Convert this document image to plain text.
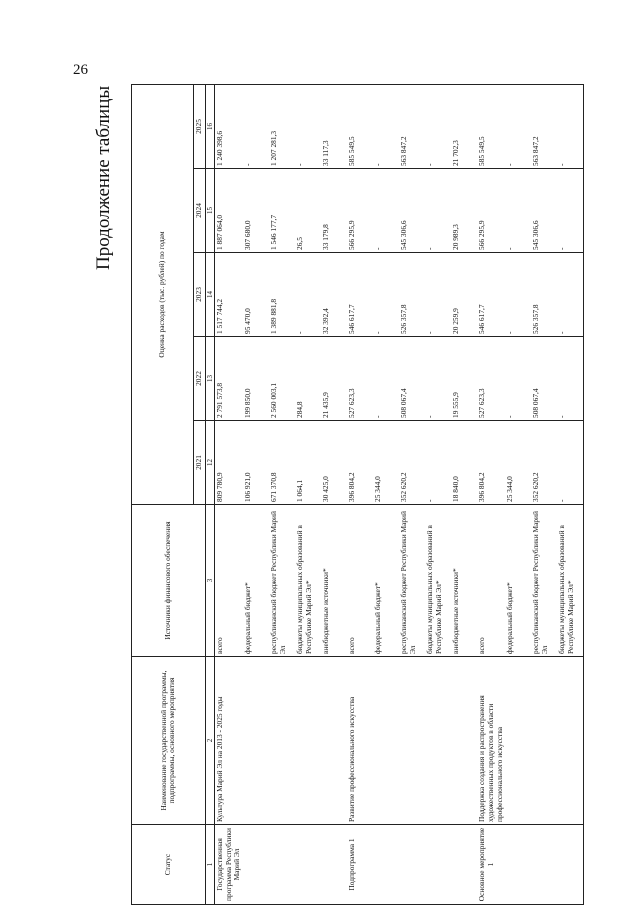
26
Продолжение таблицы
Статус	Наименование государственной программы, подпрограммы, основного мероприятия	Источники финансового обеспечения	Оценка расходов (тыс. рублей) по годам				
			2021	2022	2023	2024	2025
1	2	3	12	13	14	15	16
Государственная программа Республики Марий Эл	Культура Марий Эл на 2013 - 2025 годы	всего	809 780,9	2 791 573,8	1 517 744,2	1 887 064,0	1 240 398,6
		федеральный бюджет*	106 921,0	199 850,0	95 470,0	307 680,0	-
		республиканский бюджет Республики Марий Эл	671 370,8	2 560 003,1	1 389 881,8	1 546 177,7	1 207 281,3
		бюджеты муниципальных образований в Республике Марий Эл*	1 064,1	284,8	-	26,5	-
		внебюджетные источники*	30 425,0	21 435,9	32 392,4	33 179,8	33 117,3
Подпрограмма 1	Развитие профессионального искусства	всего	396 804,2	527 623,3	546 617,7	566 295,9	585 549,5
		федеральный бюджет*	25 344,0	-	-	-	-
		республиканский бюджет Республики Марий Эл	352 620,2	508 067,4	526 357,8	545 306,6	563 847,2
		бюджеты муниципальных образований в Республике Марий Эл*	-	-	-	-	-
		внебюджетные источники*	18 840,0	19 555,9	20 259,9	20 989,3	21 702,3
Основное мероприятие 1	Поддержка создания и распространения художественных продуктов в области профессионального искусства	всего	396 804,2	527 623,3	546 617,7	566 295,9	585 549,5
		федеральный бюджет*	25 344,0	-	-	-	-
		республиканский бюджет Республики Марий Эл	352 620,2	508 067,4	526 357,8	545 306,6	563 847,2
		бюджеты муниципальных образований в Республике Марий Эл*	-	-	-	-	-
